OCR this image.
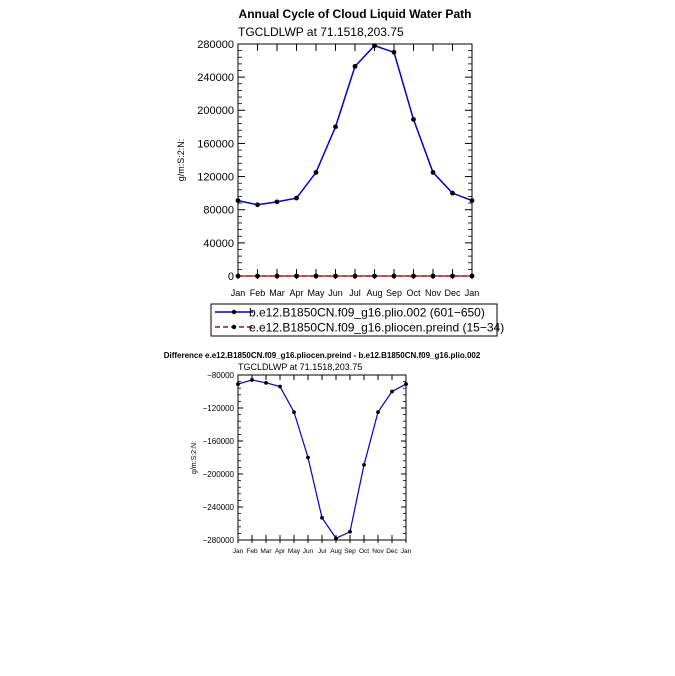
Annual Cycle of Cloud Liquid Water Path
TGCLDLWP at 71.1518,203.75
0
40000
80000
120000
160000
200000
240000
280000
Jan Feb Mar Apr May Jun Jul Aug Sep Oct Nov Dec Jan
g/m:S:2:N:
b.e12.B1850CN.f09_g16.plio.002 (601−650)
e.e12.B1850CN.f09_g16.pliocen.preind (15−34)
Difference e.e12.B1850CN.f09_g16.pliocen.preind - b.e12.B1850CN.f09_g16.plio.002
TGCLDLWP at 71.1518,203.75
−280000
−240000
−200000
−160000
−120000
−80000
Jan Feb Mar Apr May Jun Jul Aug Sep Oct Nov Dec Jan
g/m:S:2:N:
